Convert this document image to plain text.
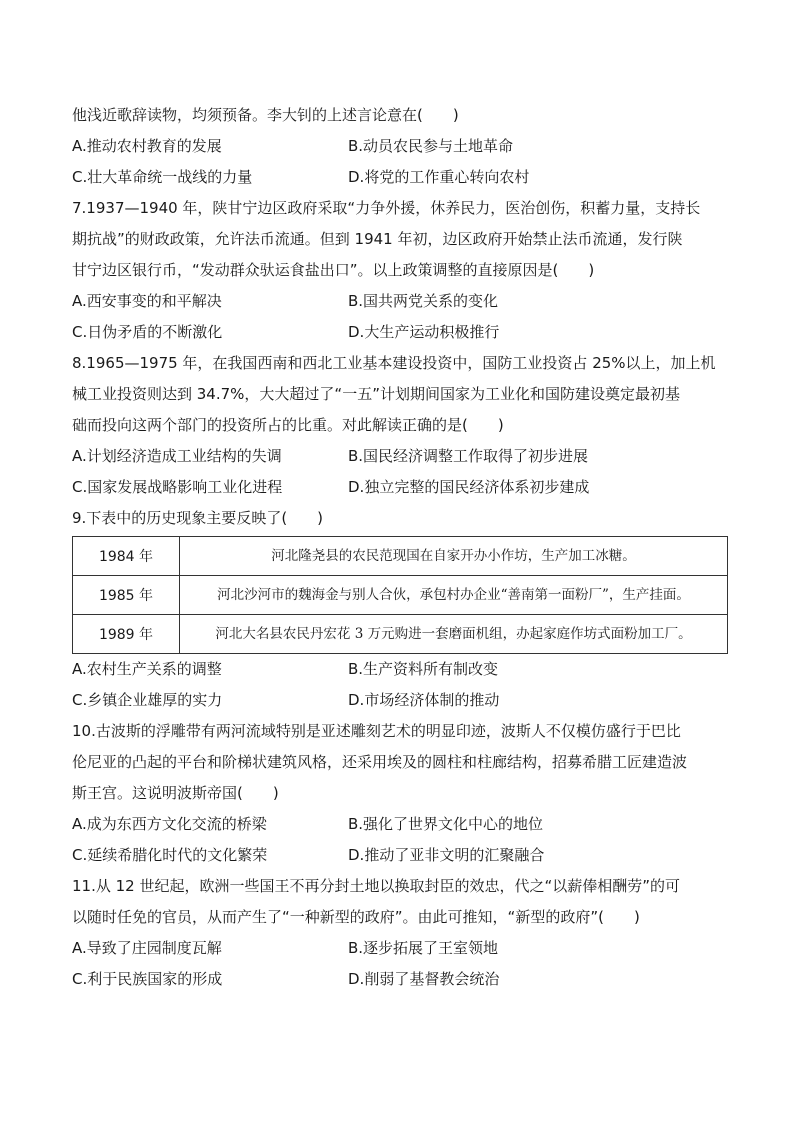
他浅近歌辞读物，均须预备。李大钊的上述言论意在(　　)
A.推动农村教育的发展	B.动员农民参与土地革命
C.壮大革命统一战线的力量	D.将党的工作重心转向农村
7.1937—1940 年，陕甘宁边区政府采取“力争外援，休养民力，医治创伤，积蓄力量，支持长
期抗战”的财政政策，允许法币流通。但到 1941 年初，边区政府开始禁止法币流通，发行陕
甘宁边区银行币，“发动群众驮运食盐出口”。以上政策调整的直接原因是(　　)
A.西安事变的和平解决	B.国共两党关系的变化
C.日伪矛盾的不断激化	D.大生产运动积极推行
8.1965—1975 年，在我国西南和西北工业基本建设投资中，国防工业投资占 25%以上，加上机
械工业投资则达到 34.7%，大大超过了“一五”计划期间国家为工业化和国防建设奠定最初基
础而投向这两个部门的投资所占的比重。对此解读正确的是(　　)
A.计划经济造成工业结构的失调	B.国民经济调整工作取得了初步进展
C.国家发展战略影响工业化进程	D.独立完整的国民经济体系初步建成
9.下表中的历史现象主要反映了(　　)
1984 年	河北隆尧县的农民范现国在自家开办小作坊，生产加工冰糖。
1985 年	河北沙河市的魏海金与别人合伙，承包村办企业“善南第一面粉厂”，生产挂面。
1989 年	河北大名县农民丹宏花 3 万元购进一套磨面机组，办起家庭作坊式面粉加工厂。
A.农村生产关系的调整	B.生产资料所有制改变
C.乡镇企业雄厚的实力	D.市场经济体制的推动
10.古波斯的浮雕带有两河流域特别是亚述雕刻艺术的明显印迹，波斯人不仅模仿盛行于巴比
伦尼亚的凸起的平台和阶梯状建筑风格，还采用埃及的圆柱和柱廊结构，招募希腊工匠建造波
斯王宫。这说明波斯帝国(　　)
A.成为东西方文化交流的桥梁	B.强化了世界文化中心的地位
C.延续希腊化时代的文化繁荣	D.推动了亚非文明的汇聚融合
11.从 12 世纪起，欧洲一些国王不再分封土地以换取封臣的效忠，代之“以薪俸相酬劳”的可
以随时任免的官员，从而产生了“一种新型的政府”。由此可推知，“新型的政府”(　　)
A.导致了庄园制度瓦解	B.逐步拓展了王室领地
C.利于民族国家的形成	D.削弱了基督教会统治
